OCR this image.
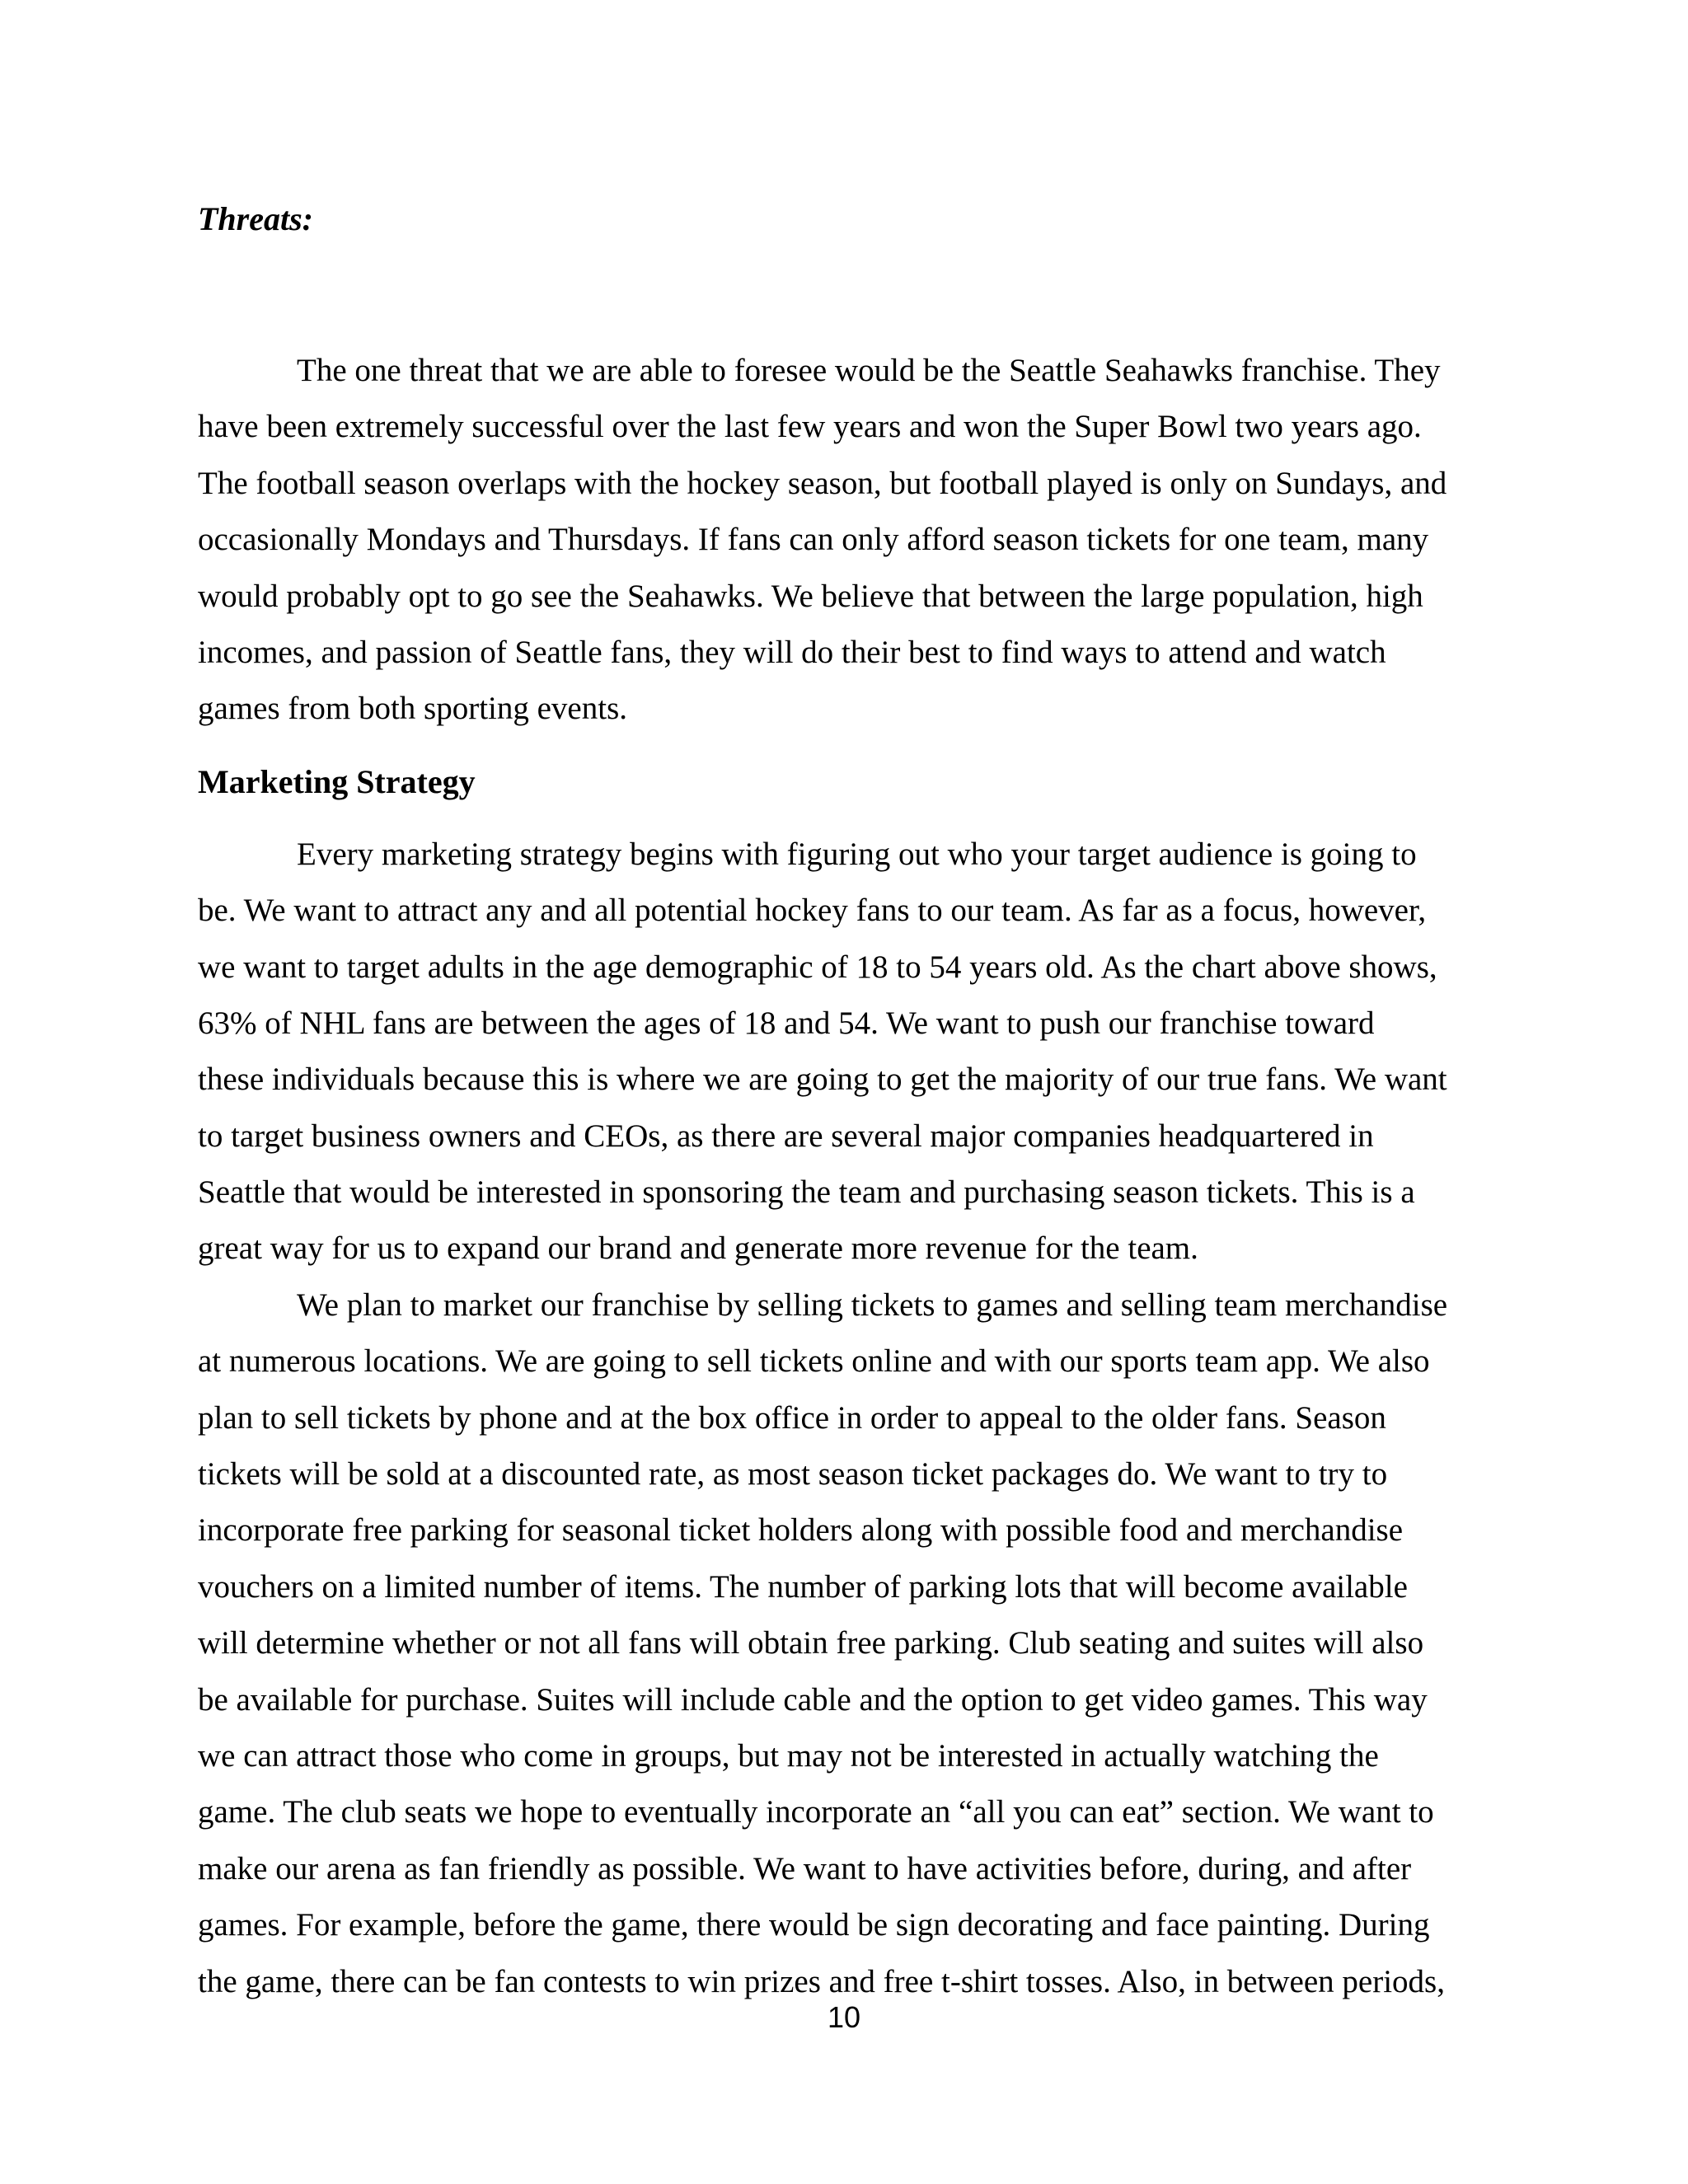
Threats:
The one threat that we are able to foresee would be the Seattle Seahawks franchise. They
have been extremely successful over the last few years and won the Super Bowl two years ago.
The football season overlaps with the hockey season, but football played is only on Sundays, and
occasionally Mondays and Thursdays. If fans can only afford season tickets for one team, many
would probably opt to go see the Seahawks. We believe that between the large population, high
incomes, and passion of Seattle fans, they will do their best to find ways to attend and watch
games from both sporting events.
Marketing Strategy
Every marketing strategy begins with figuring out who your target audience is going to
be. We want to attract any and all potential hockey fans to our team. As far as a focus, however,
we want to target adults in the age demographic of 18 to 54 years old. As the chart above shows,
63% of NHL fans are between the ages of 18 and 54. We want to push our franchise toward
these individuals because this is where we are going to get the majority of our true fans. We want
to target business owners and CEOs, as there are several major companies headquartered in
Seattle that would be interested in sponsoring the team and purchasing season tickets. This is a
great way for us to expand our brand and generate more revenue for the team.
We plan to market our franchise by selling tickets to games and selling team merchandise
at numerous locations. We are going to sell tickets online and with our sports team app. We also
plan to sell tickets by phone and at the box office in order to appeal to the older fans. Season
tickets will be sold at a discounted rate, as most season ticket packages do. We want to try to
incorporate free parking for seasonal ticket holders along with possible food and merchandise
vouchers on a limited number of items. The number of parking lots that will become available
will determine whether or not all fans will obtain free parking. Club seating and suites will also
be available for purchase. Suites will include cable and the option to get video games. This way
we can attract those who come in groups, but may not be interested in actually watching the
game. The club seats we hope to eventually incorporate an “all you can eat” section. We want to
make our arena as fan friendly as possible. We want to have activities before, during, and after
games. For example, before the game, there would be sign decorating and face painting. During
the game, there can be fan contests to win prizes and free t-shirt tosses. Also, in between periods,
10
